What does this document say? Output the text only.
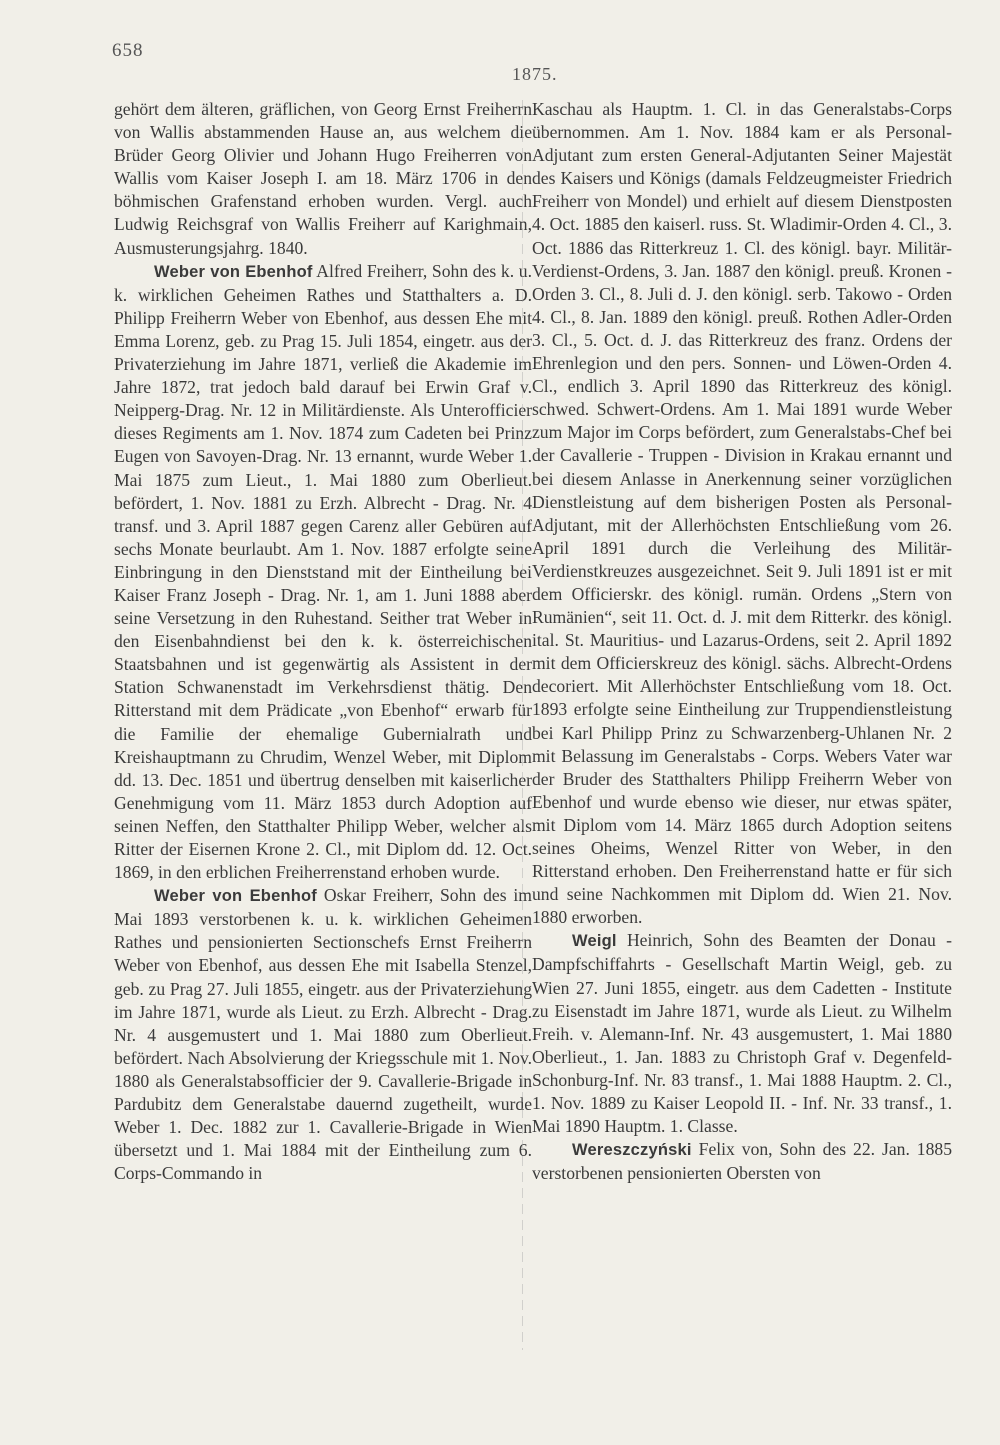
658
1875.

gehört dem älteren, gräflichen, von Georg Ernst Freiherrn von Wallis abstammenden Hause an, aus welchem die Brüder Georg Olivier und Johann Hugo Freiherren von Wallis vom Kaiser Joseph I. am 18. März 1706 in den böhmischen Grafenstand erhoben wurden. Vergl. auch Ludwig Reichsgraf von Wallis Freiherr auf Karighmain, Ausmusterungsjahrg. 1840.

Weber von Ebenhof Alfred Freiherr, Sohn des k. u. k. wirklichen Geheimen Rathes und Statthalters a. D. Philipp Freiherrn Weber von Ebenhof, aus dessen Ehe mit Emma Lorenz, geb. zu Prag 15. Juli 1854, eingetr. aus der Privaterziehung im Jahre 1871, verließ die Akademie im Jahre 1872, trat jedoch bald darauf bei Erwin Graf v. Neipperg-Drag. Nr. 12 in Militärdienste. Als Unterofficier dieses Regiments am 1. Nov. 1874 zum Cadeten bei Prinz Eugen von Savoyen-Drag. Nr. 13 ernannt, wurde Weber 1. Mai 1875 zum Lieut., 1. Mai 1880 zum Oberlieut. befördert, 1. Nov. 1881 zu Erzh. Albrecht - Drag. Nr. 4 transf. und 3. April 1887 gegen Carenz aller Gebüren auf sechs Monate beurlaubt. Am 1. Nov. 1887 erfolgte seine Einbringung in den Dienststand mit der Eintheilung bei Kaiser Franz Joseph - Drag. Nr. 1, am 1. Juni 1888 aber seine Versetzung in den Ruhestand. Seither trat Weber in den Eisenbahndienst bei den k. k. österreichischen Staatsbahnen und ist gegenwärtig als Assistent in der Station Schwanenstadt im Verkehrsdienst thätig. Den Ritterstand mit dem Prädicate „von Ebenhof“ erwarb für die Familie der ehemalige Gubernialrath und Kreishauptmann zu Chrudim, Wenzel Weber, mit Diplom dd. 13. Dec. 1851 und übertrug denselben mit kaiserlicher Genehmigung vom 11. März 1853 durch Adoption auf seinen Neffen, den Statthalter Philipp Weber, welcher als Ritter der Eisernen Krone 2. Cl., mit Diplom dd. 12. Oct. 1869, in den erblichen Freiherrenstand erhoben wurde.

Weber von Ebenhof Oskar Freiherr, Sohn des im Mai 1893 verstorbenen k. u. k. wirklichen Geheimen Rathes und pensionierten Sectionschefs Ernst Freiherrn Weber von Ebenhof, aus dessen Ehe mit Isabella Stenzel, geb. zu Prag 27. Juli 1855, eingetr. aus der Privaterziehung im Jahre 1871, wurde als Lieut. zu Erzh. Albrecht - Drag. Nr. 4 ausgemustert und 1. Mai 1880 zum Oberlieut. befördert. Nach Absolvierung der Kriegsschule mit 1. Nov. 1880 als Generalstabsofficier der 9. Cavallerie-Brigade in Pardubitz dem Generalstabe dauernd zugetheilt, wurde Weber 1. Dec. 1882 zur 1. Cavallerie-Brigade in Wien übersetzt und 1. Mai 1884 mit der Eintheilung zum 6. Corps-Commando in

Kaschau als Hauptm. 1. Cl. in das Generalstabs-Corps übernommen. Am 1. Nov. 1884 kam er als Personal-Adjutant zum ersten General-Adjutanten Seiner Majestät des Kaisers und Königs (damals Feldzeugmeister Friedrich Freiherr von Mondel) und erhielt auf diesem Dienstposten 4. Oct. 1885 den kaiserl. russ. St. Wladimir-Orden 4. Cl., 3. Oct. 1886 das Ritterkreuz 1. Cl. des königl. bayr. Militär-Verdienst-Ordens, 3. Jan. 1887 den königl. preuß. Kronen - Orden 3. Cl., 8. Juli d. J. den königl. serb. Takowo - Orden 4. Cl., 8. Jan. 1889 den königl. preuß. Rothen Adler-Orden 3. Cl., 5. Oct. d. J. das Ritterkreuz des franz. Ordens der Ehrenlegion und den pers. Sonnen- und Löwen-Orden 4. Cl., endlich 3. April 1890 das Ritterkreuz des königl. schwed. Schwert-Ordens. Am 1. Mai 1891 wurde Weber zum Major im Corps befördert, zum Generalstabs-Chef bei der Cavallerie - Truppen - Division in Krakau ernannt und bei diesem Anlasse in Anerkennung seiner vorzüglichen Dienstleistung auf dem bisherigen Posten als Personal-Adjutant, mit der Allerhöchsten Entschließung vom 26. April 1891 durch die Verleihung des Militär-Verdienstkreuzes ausgezeichnet. Seit 9. Juli 1891 ist er mit dem Officierskr. des königl. rumän. Ordens „Stern von Rumänien“, seit 11. Oct. d. J. mit dem Ritterkr. des königl. ital. St. Mauritius- und Lazarus-Ordens, seit 2. April 1892 mit dem Officierskreuz des königl. sächs. Albrecht-Ordens decoriert. Mit Allerhöchster Entschließung vom 18. Oct. 1893 erfolgte seine Eintheilung zur Truppendienstleistung bei Karl Philipp Prinz zu Schwarzenberg-Uhlanen Nr. 2 mit Belassung im Generalstabs - Corps. Webers Vater war der Bruder des Statthalters Philipp Freiherrn Weber von Ebenhof und wurde ebenso wie dieser, nur etwas später, mit Diplom vom 14. März 1865 durch Adoption seitens seines Oheims, Wenzel Ritter von Weber, in den Ritterstand erhoben. Den Freiherrenstand hatte er für sich und seine Nachkommen mit Diplom dd. Wien 21. Nov. 1880 erworben.

Weigl Heinrich, Sohn des Beamten der Donau - Dampfschiffahrts - Gesellschaft Martin Weigl, geb. zu Wien 27. Juni 1855, eingetr. aus dem Cadetten - Institute zu Eisenstadt im Jahre 1871, wurde als Lieut. zu Wilhelm Freih. v. Alemann-Inf. Nr. 43 ausgemustert, 1. Mai 1880 Oberlieut., 1. Jan. 1883 zu Christoph Graf v. Degenfeld-Schonburg-Inf. Nr. 83 transf., 1. Mai 1888 Hauptm. 2. Cl., 1. Nov. 1889 zu Kaiser Leopold II. - Inf. Nr. 33 transf., 1. Mai 1890 Hauptm. 1. Classe.

Wereszczyński Felix von, Sohn des 22. Jan. 1885 verstorbenen pensionierten Obersten von
